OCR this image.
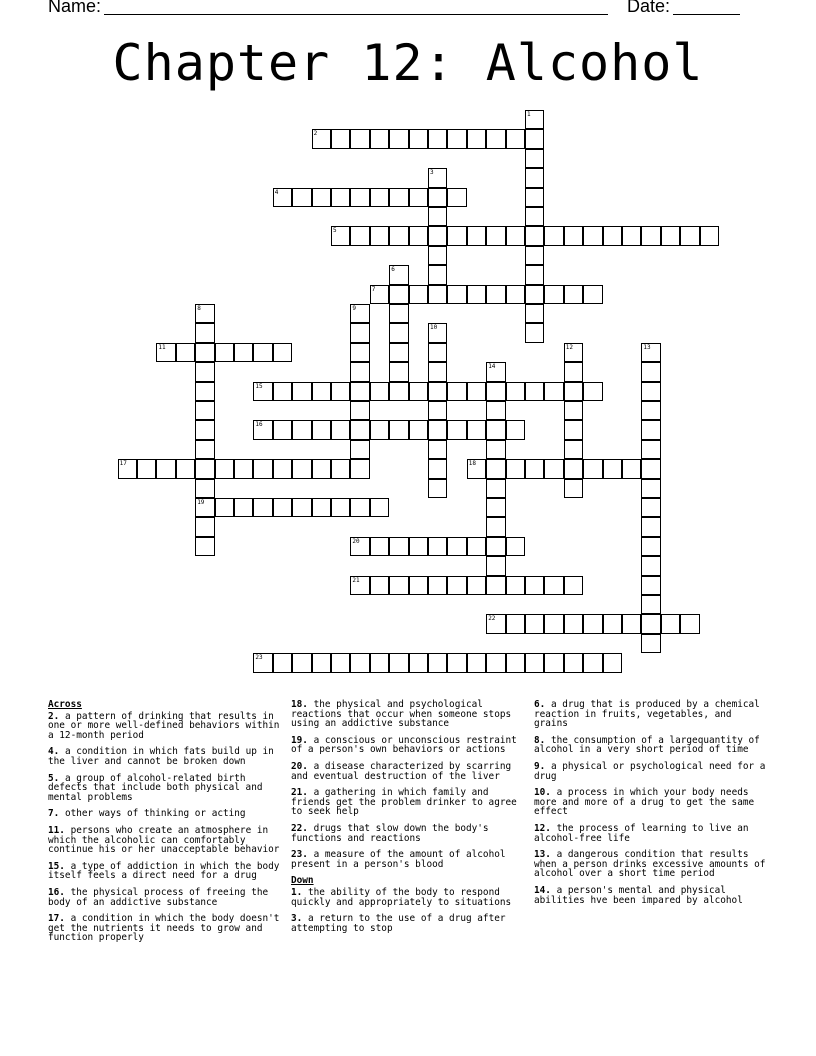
Name:	Date:
Chapter 12: Alcohol
1
2
3
4
5
6
7
8
19
9
10
11	12	13
14
15
16
17	18
20
21
22
23
Across
2. a pattern of drinking that results in one or more well-defined behaviors within a 12-month period
4. a condition in which fats build up in the liver and cannot be broken down
5. a group of alcohol-related birth defects that include both physical and mental problems
7. other ways of thinking or acting
11. persons who create an atmosphere in which the alcoholic can comfortably continue his or her unacceptable behavior
15. a type of addiction in which the body itself feels a direct need for a drug
16. the physical process of freeing the body of an addictive substance
17. a condition in which the body doesn't get the nutrients it needs to grow and function properly
18. the physical and psychological reactions that occur when someone stops using an addictive substance
19. a conscious or unconscious restraint of a person's own behaviors or actions
20. a disease characterized by scarring and eventual destruction of the liver
21. a gathering in which family and friends get the problem drinker to agree to seek help
22. drugs that slow down the body's functions and reactions
23. a measure of the amount of alcohol present in a person's blood
Down
1. the ability of the body to respond quickly and appropriately to situations
3. a return to the use of a drug after attempting to stop
6. a drug that is produced by a chemical reaction in fruits, vegetables, and grains
8. the consumption of a largequantity of alcohol in a very short period of time
9. a physical or psychological need for a drug
10. a process in which your body needs more and more of a drug to get the same effect
12. the process of learning to live an alcohol-free life
13. a dangerous condition that results when a person drinks excessive amounts of alcohol over a short time period
14. a person's mental and physical abilities hve been impared by alcohol
